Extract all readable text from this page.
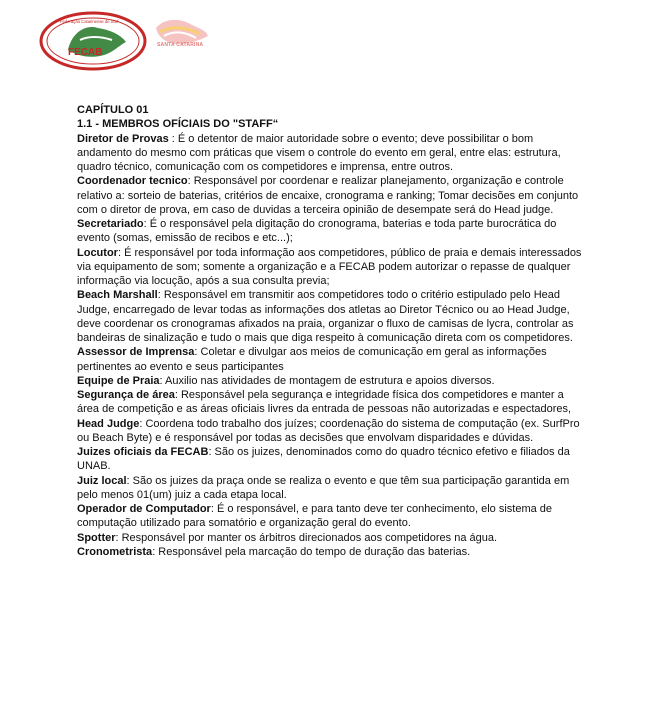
FECAB
Federação Catarinense de Surf
SANTA CATARINA
CAPÍTULO 01
1.1 - MEMBROS OFÍCIAIS DO "STAFF“

Diretor de Provas : É o detentor de maior autoridade sobre o evento; deve possibilitar o bom andamento do mesmo com práticas que visem o controle do evento em geral, entre elas: estrutura, quadro técnico, comunicação com os competidores e imprensa, entre outros.

Coordenador tecnico: Responsável por coordenar e realizar planejamento, organização e controle relativo a: sorteio de baterias, critérios de encaixe, cronograma e ranking; Tomar decisões em conjunto com o diretor de prova, em caso de duvidas a terceira opinião de desempate será do Head judge.

Secretariado: É o responsável pela digitação do cronograma, baterias e toda parte burocrática do evento (somas, emissão de recibos e etc...);

Locutor: É responsável por toda informação aos competidores, público de praia e demais interessados via equipamento de som; somente a organização e a FECAB podem autorizar o repasse de qualquer informação via locução, após a sua consulta previa;

Beach Marshall: Responsável em transmitir aos competidores todo o critério estipulado pelo Head Judge, encarregado de levar todas as informações dos atletas ao Diretor Técnico ou ao Head Judge, deve coordenar os cronogramas afixados na praia, organizar o fluxo de camisas de lycra, controlar as bandeiras de sinalização e tudo o mais que diga respeito à comunicação direta com os competidores.

Assessor de Imprensa: Coletar e divulgar aos meios de comunicação em geral as informações pertinentes ao evento e seus participantes

Equipe de Praia: Auxilio nas atividades de montagem de estrutura e apoios diversos.

Segurança de área: Responsável pela segurança e integridade física dos competidores e manter a área de competição e as áreas oficiais livres da entrada de pessoas não autorizadas e espectadores,

Head Judge: Coordena todo trabalho dos juízes; coordenação do sistema de computação (ex. SurfPro ou Beach Byte) e é responsável por todas as decisões que envolvam disparidades e dúvidas.

Juizes oficiais da FECAB: São os juizes, denominados como do quadro técnico efetivo e filiados da UNAB.

Juiz local: São os juizes da praça onde se realiza o evento e que têm sua participação garantida em pelo menos 01(um) juiz a cada etapa local.

Operador de Computador: É o responsável, e para tanto deve ter conhecimento, elo sistema de computação utilizado para somatório e organização geral do evento.

Spotter: Responsável por manter os árbitros direcionados aos competidores na água.

Cronometrista: Responsável pela marcação do tempo de duração das baterias.
